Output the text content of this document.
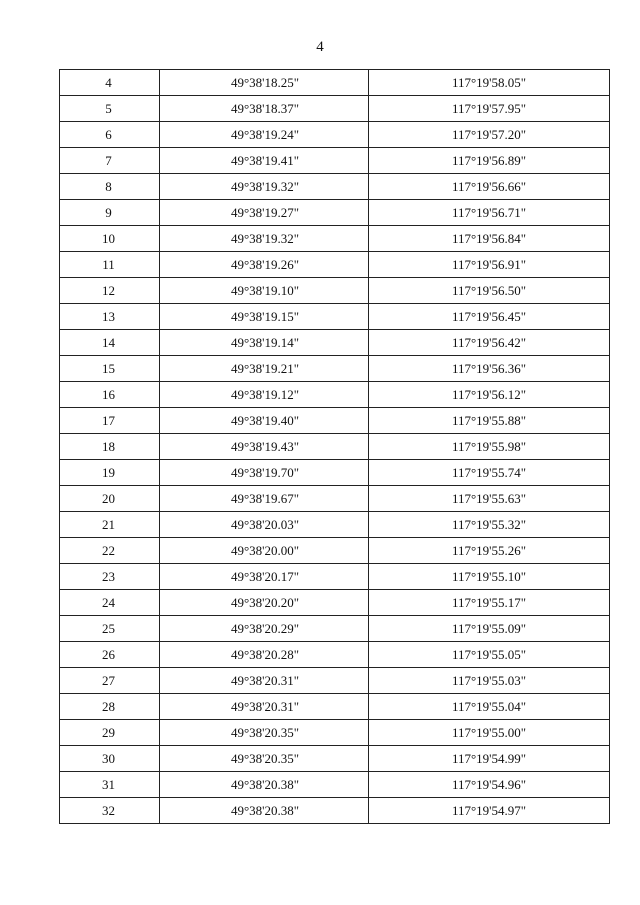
4
4	49°38'18.25"	117°19'58.05"
5	49°38'18.37"	117°19'57.95"
6	49°38'19.24"	117°19'57.20"
7	49°38'19.41"	117°19'56.89"
8	49°38'19.32"	117°19'56.66"
9	49°38'19.27"	117°19'56.71"
10	49°38'19.32"	117°19'56.84"
11	49°38'19.26"	117°19'56.91"
12	49°38'19.10"	117°19'56.50"
13	49°38'19.15"	117°19'56.45"
14	49°38'19.14"	117°19'56.42"
15	49°38'19.21"	117°19'56.36"
16	49°38'19.12"	117°19'56.12"
17	49°38'19.40"	117°19'55.88"
18	49°38'19.43"	117°19'55.98"
19	49°38'19.70"	117°19'55.74"
20	49°38'19.67"	117°19'55.63"
21	49°38'20.03"	117°19'55.32"
22	49°38'20.00"	117°19'55.26"
23	49°38'20.17"	117°19'55.10"
24	49°38'20.20"	117°19'55.17"
25	49°38'20.29"	117°19'55.09"
26	49°38'20.28"	117°19'55.05"
27	49°38'20.31"	117°19'55.03"
28	49°38'20.31"	117°19'55.04"
29	49°38'20.35"	117°19'55.00"
30	49°38'20.35"	117°19'54.99"
31	49°38'20.38"	117°19'54.96"
32	49°38'20.38"	117°19'54.97"
